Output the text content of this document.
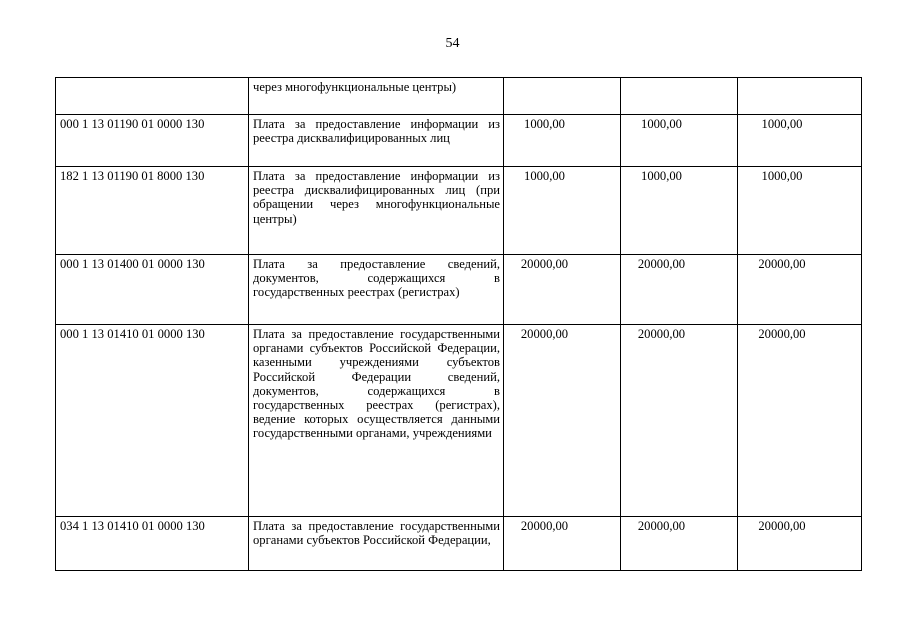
54
	через многофункциональные центры)			
000 1 13 01190 01 0000 130	Плата за предоставление информации из реестра дисквалифицированных лиц	1000,00	1000,00	1000,00
182 1 13 01190 01 8000 130	Плата за предоставление информации из реестра дисквалифицированных лиц (при обращении через многофункциональные центры)	1000,00	1000,00	1000,00
000 1 13 01400 01 0000 130	Плата за предоставление сведений, документов, содержащихся в государственных реестрах (регистрах)	20000,00	20000,00	20000,00
000 1 13 01410 01 0000 130	Плата за предоставление государственными органами субъектов Российской Федерации, казенными учреждениями субъектов Российской Федерации сведений, документов, содержащихся в государственных реестрах (регистрах), ведение которых осуществляется данными государственными органами, учреждениями	20000,00	20000,00	20000,00
034 1 13 01410 01 0000 130	Плата за предоставление государственными органами субъектов Российской Федерации,	20000,00	20000,00	20000,00
